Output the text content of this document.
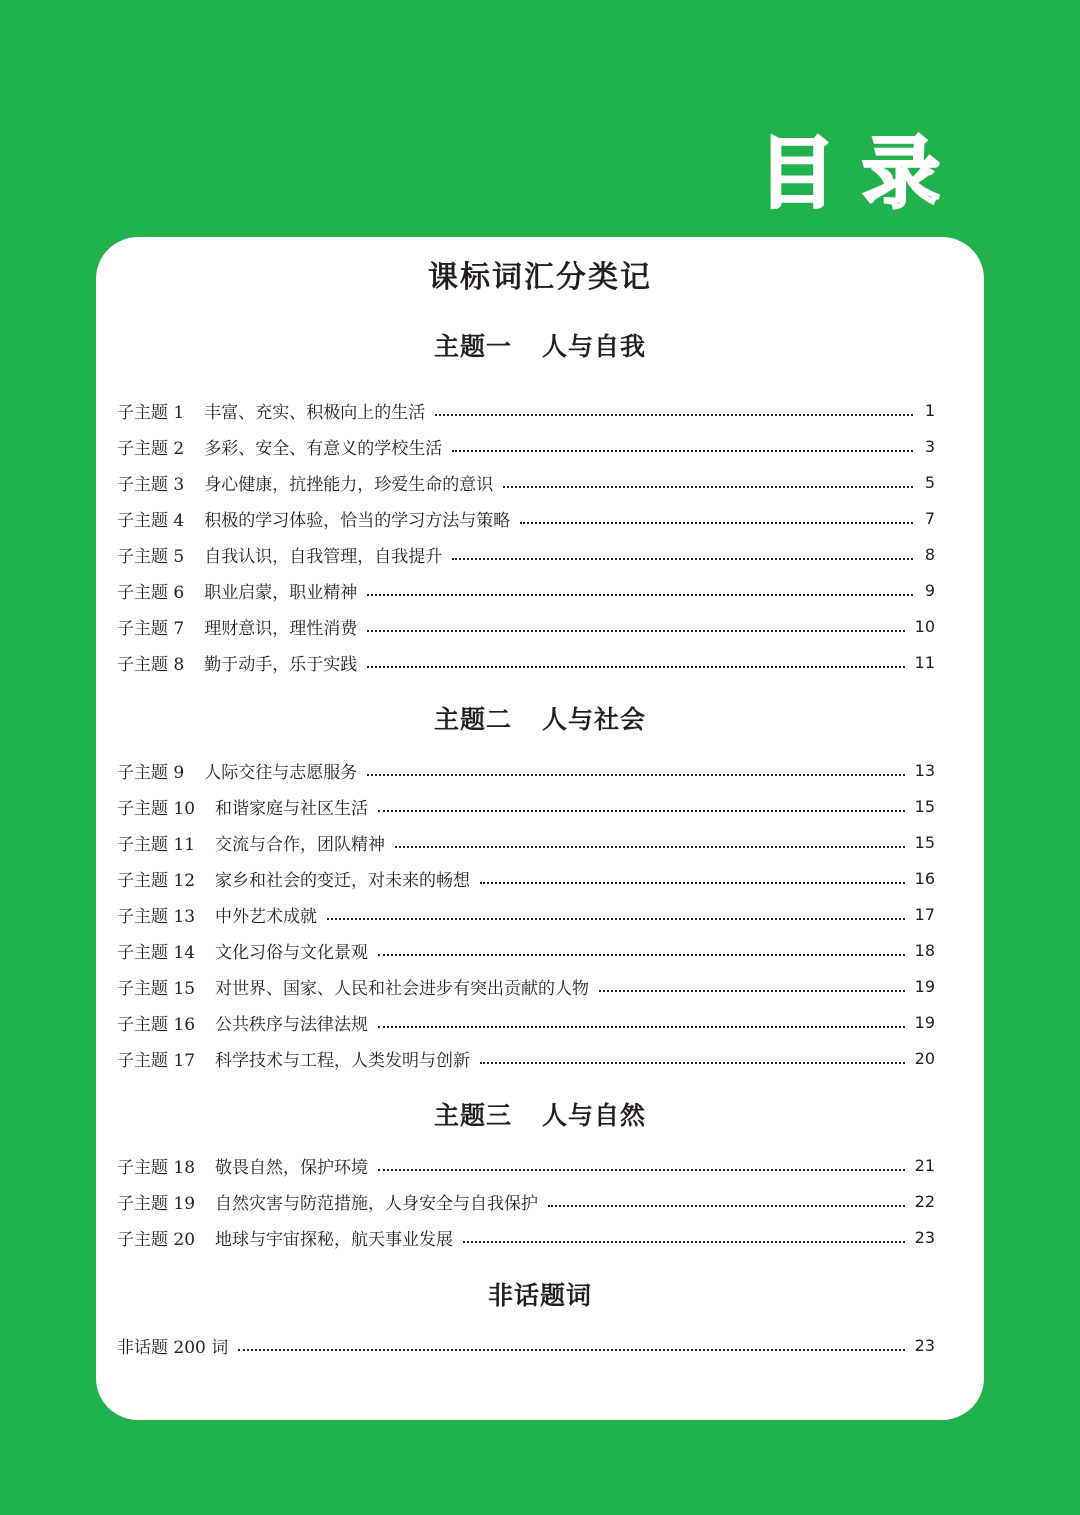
目 录
课标词汇分类记
主题一 人与自我
子主题 1 丰富、充实、积极向上的生活	1
子主题 2 多彩、安全、有意义的学校生活	3
子主题 3 身心健康，抗挫能力，珍爱生命的意识	5
子主题 4 积极的学习体验，恰当的学习方法与策略	7
子主题 5 自我认识，自我管理，自我提升	8
子主题 6 职业启蒙，职业精神	9
子主题 7 理财意识，理性消费	10
子主题 8 勤于动手，乐于实践	11
主题二 人与社会
子主题 9 人际交往与志愿服务	13
子主题 10 和谐家庭与社区生活	15
子主题 11 交流与合作，团队精神	15
子主题 12 家乡和社会的变迁，对未来的畅想	16
子主题 13 中外艺术成就	17
子主题 14 文化习俗与文化景观	18
子主题 15 对世界、国家、人民和社会进步有突出贡献的人物	19
子主题 16 公共秩序与法律法规	19
子主题 17 科学技术与工程，人类发明与创新	20
主题三 人与自然
子主题 18 敬畏自然，保护环境	21
子主题 19 自然灾害与防范措施，人身安全与自我保护	22
子主题 20 地球与宇宙探秘，航天事业发展	23
非话题词
非话题 200 词	23
